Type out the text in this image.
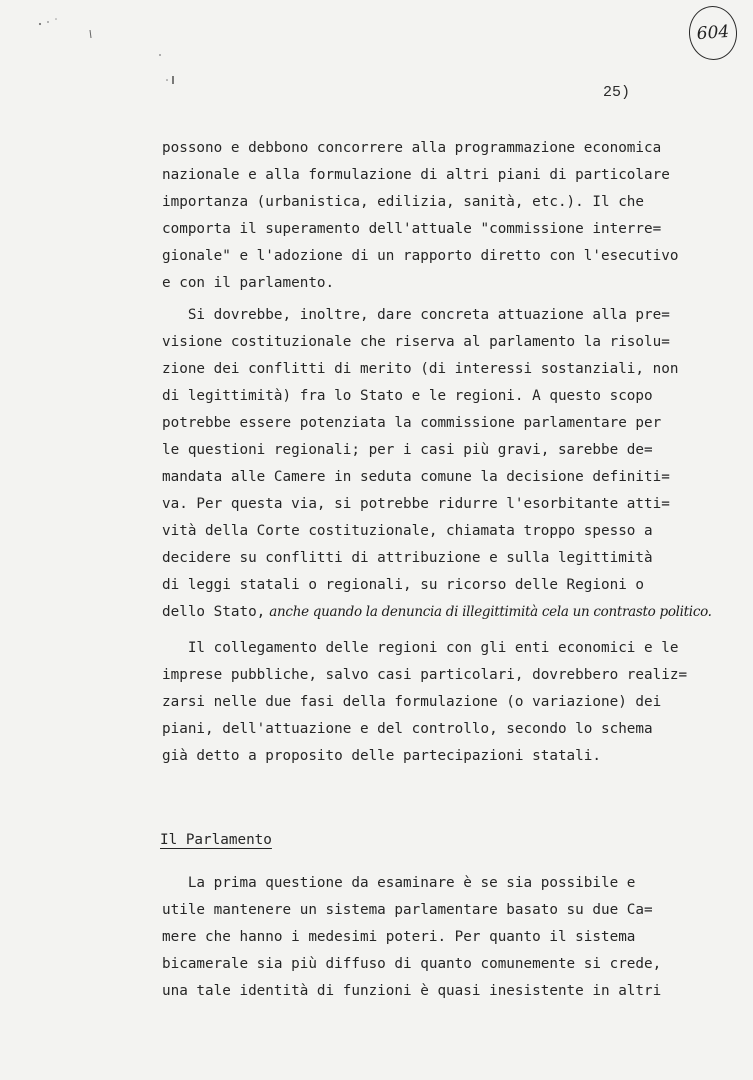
604
25)
possono e debbono concorrere alla programmazione economica
nazionale e alla formulazione di altri piani di particolare
importanza (urbanistica, edilizia, sanità, etc.). Il che
comporta il superamento dell'attuale "commissione interre=
gionale" e l'adozione di un rapporto diretto con l'esecutivo
e con il parlamento.
Si dovrebbe, inoltre, dare concreta attuazione alla pre=
visione costituzionale che riserva al parlamento la risolu=
zione dei conflitti di merito (di interessi sostanziali, non
di legittimità) fra lo Stato e le regioni. A questo scopo
potrebbe essere potenziata la commissione parlamentare per
le questioni regionali; per i casi più gravi, sarebbe de=
mandata alle Camere in seduta comune la decisione definiti=
va. Per questa via, si potrebbe ridurre l'esorbitante atti=
vità della Corte costituzionale, chiamata troppo spesso a
decidere su conflitti di attribuzione e sulla legittimità
di leggi statali o regionali, su ricorso delle Regioni o
dello Stato, anche quando la denuncia di illegittimità cela un contrasto politico.
Il collegamento delle regioni con gli enti economici e le
imprese pubbliche, salvo casi particolari, dovrebbero realiz=
zarsi nelle due fasi della formulazione (o variazione) dei
piani, dell'attuazione e del controllo, secondo lo schema
già detto a proposito delle partecipazioni statali.
Il Parlamento
La prima questione da esaminare è se sia possibile e
utile mantenere un sistema parlamentare basato su due Ca=
mere che hanno i medesimi poteri. Per quanto il sistema
bicamerale sia più diffuso di quanto comunemente si crede,
una tale identità di funzioni è quasi inesistente in altri
